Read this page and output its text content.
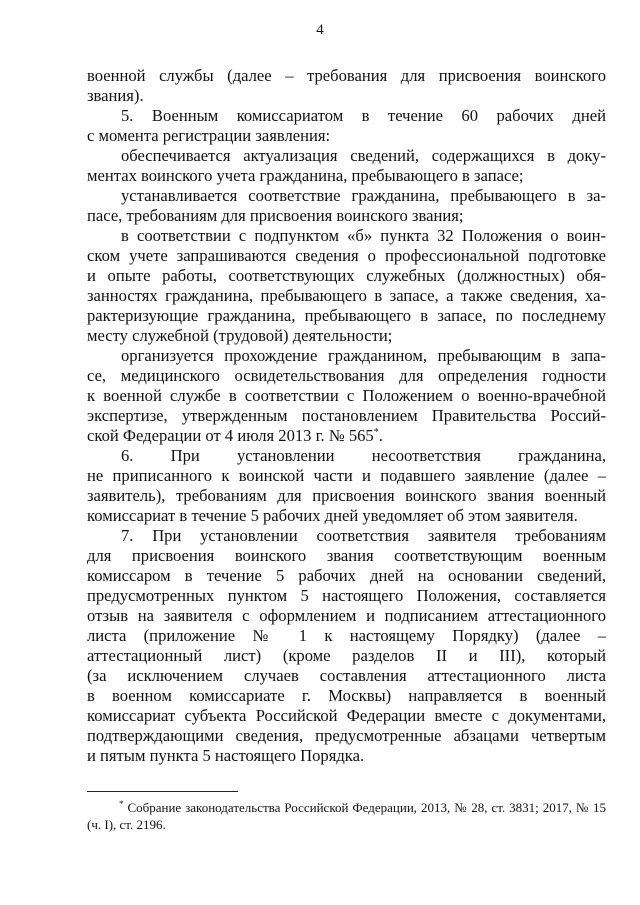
4
военной службы (далее – требования для присвоения воинского
звания).
5. Военным комиссариатом в течение 60 рабочих дней
с момента регистрации заявления:
обеспечивается актуализация сведений, содержащихся в доку-
ментах воинского учета гражданина, пребывающего в запасе;
устанавливается соответствие гражданина, пребывающего в за-
пасе, требованиям для присвоения воинского звания;
в соответствии с подпунктом «б» пункта 32 Положения о воин-
ском учете запрашиваются сведения о профессиональной подготовке
и опыте работы, соответствующих служебных (должностных) обя-
занностях гражданина, пребывающего в запасе, а также сведения, ха-
рактеризующие гражданина, пребывающего в запасе, по последнему
месту служебной (трудовой) деятельности;
организуется прохождение гражданином, пребывающим в запа-
се, медицинского освидетельствования для определения годности
к военной службе в соответствии с Положением о военно-врачебной
экспертизе, утвержденным постановлением Правительства Россий-
ской Федерации от 4 июля 2013 г. № 565*.
6. При установлении несоответствия гражданина,
не приписанного к воинской части и подавшего заявление (далее –
заявитель), требованиям для присвоения воинского звания военный
комиссариат в течение 5 рабочих дней уведомляет об этом заявителя.
7. При установлении соответствия заявителя требованиям
для присвоения воинского звания соответствующим военным
комиссаром в течение 5 рабочих дней на основании сведений,
предусмотренных пунктом 5 настоящего Положения, составляется
отзыв на заявителя с оформлением и подписанием аттестационного
листа (приложение № 1 к настоящему Порядку) (далее –
аттестационный лист) (кроме разделов II и III), который
(за исключением случаев составления аттестационного листа
в военном комиссариате г. Москвы) направляется в военный
комиссариат субъекта Российской Федерации вместе с документами,
подтверждающими сведения, предусмотренные абзацами четвертым
и пятым пункта 5 настоящего Порядка.
* Собрание законодательства Российской Федерации, 2013, № 28, ст. 3831; 2017, № 15
(ч. I), ст. 2196.
